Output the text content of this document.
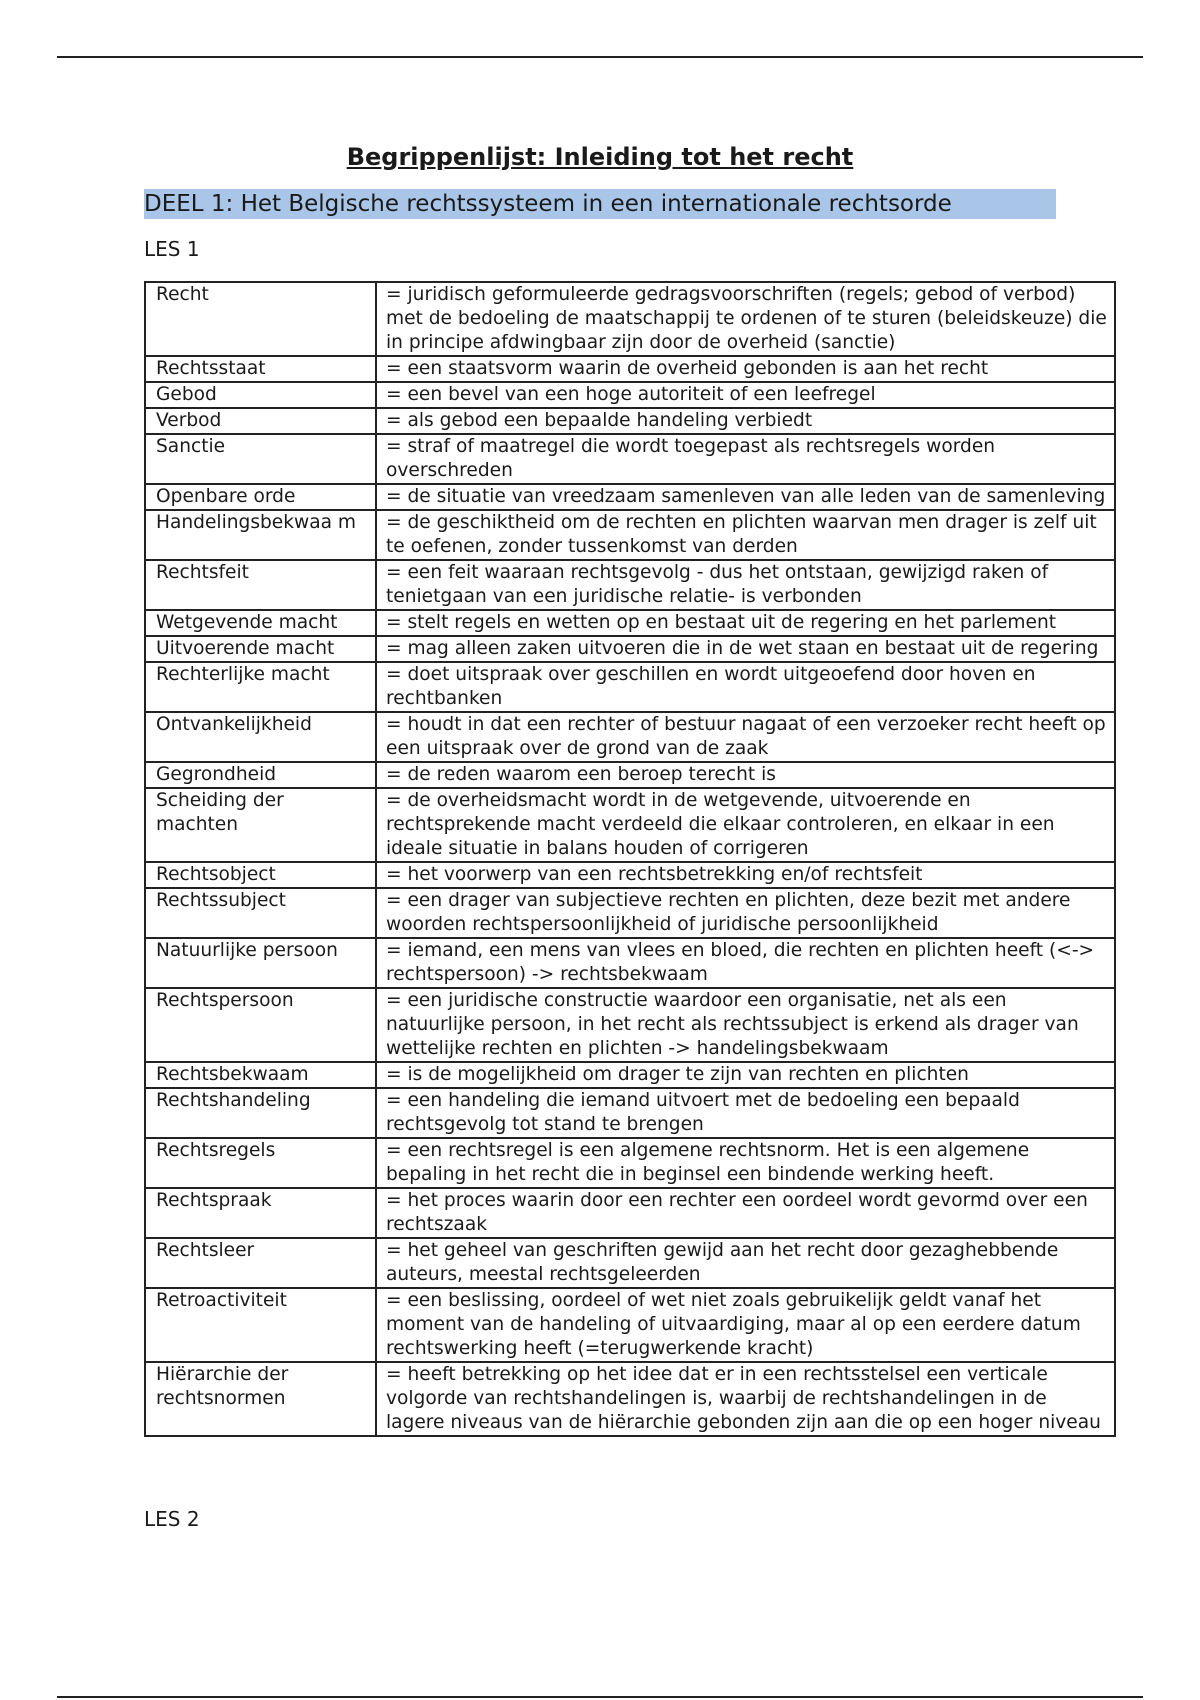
Begrippenlijst: Inleiding tot het recht
DEEL 1: Het Belgische rechtssysteem in een internationale rechtsorde

LES 1

Recht	= juridisch geformuleerde gedragsvoorschriften (regels; gebod of verbod) met de bedoeling de maatschappij te ordenen of te sturen (beleidskeuze) die in principe afdwingbaar zijn door de overheid (sanctie)
Rechtsstaat	= een staatsvorm waarin de overheid gebonden is aan het recht
Gebod	= een bevel van een hoge autoriteit of een leefregel
Verbod	= als gebod een bepaalde handeling verbiedt
Sanctie	= straf of maatregel die wordt toegepast als rechtsregels worden overschreden
Openbare orde	= de situatie van vreedzaam samenleven van alle leden van de samenleving
Handelingsbekwaa m	= de geschiktheid om de rechten en plichten waarvan men drager is zelf uit te oefenen, zonder tussenkomst van derden
Rechtsfeit	= een feit waaraan rechtsgevolg - dus het ontstaan, gewijzigd raken of tenietgaan van een juridische relatie- is verbonden
Wetgevende macht	= stelt regels en wetten op en bestaat uit de regering en het parlement
Uitvoerende macht	= mag alleen zaken uitvoeren die in de wet staan en bestaat uit de regering
Rechterlijke macht	= doet uitspraak over geschillen en wordt uitgeoefend door hoven en rechtbanken
Ontvankelijkheid	= houdt in dat een rechter of bestuur nagaat of een verzoeker recht heeft op een uitspraak over de grond van de zaak
Gegrondheid	= de reden waarom een beroep terecht is
Scheiding der machten	= de overheidsmacht wordt in de wetgevende, uitvoerende en rechtsprekende macht verdeeld die elkaar controleren, en elkaar in een ideale situatie in balans houden of corrigeren
Rechtsobject	= het voorwerp van een rechtsbetrekking en/of rechtsfeit
Rechtssubject	= een drager van subjectieve rechten en plichten, deze bezit met andere woorden rechtspersoonlijkheid of juridische persoonlijkheid
Natuurlijke persoon	= iemand, een mens van vlees en bloed, die rechten en plichten heeft (<-> rechtspersoon) -> rechtsbekwaam
Rechtspersoon	= een juridische constructie waardoor een organisatie, net als een natuurlijke persoon, in het recht als rechtssubject is erkend als drager van wettelijke rechten en plichten -> handelingsbekwaam
Rechtsbekwaam	= is de mogelijkheid om drager te zijn van rechten en plichten
Rechtshandeling	= een handeling die iemand uitvoert met de bedoeling een bepaald rechtsgevolg tot stand te brengen
Rechtsregels	= een rechtsregel is een algemene rechtsnorm. Het is een algemene bepaling in het recht die in beginsel een bindende werking heeft.
Rechtspraak	= het proces waarin door een rechter een oordeel wordt gevormd over een rechtszaak
Rechtsleer	= het geheel van geschriften gewijd aan het recht door gezaghebbende auteurs, meestal rechtsgeleerden
Retroactiviteit	= een beslissing, oordeel of wet niet zoals gebruikelijk geldt vanaf het moment van de handeling of uitvaardiging, maar al op een eerdere datum rechtswerking heeft (=terugwerkende kracht)
Hiërarchie der rechtsnormen	= heeft betrekking op het idee dat er in een rechtsstelsel een verticale volgorde van rechtshandelingen is, waarbij de rechtshandelingen in de lagere niveaus van de hiërarchie gebonden zijn aan die op een hoger niveau

LES 2
